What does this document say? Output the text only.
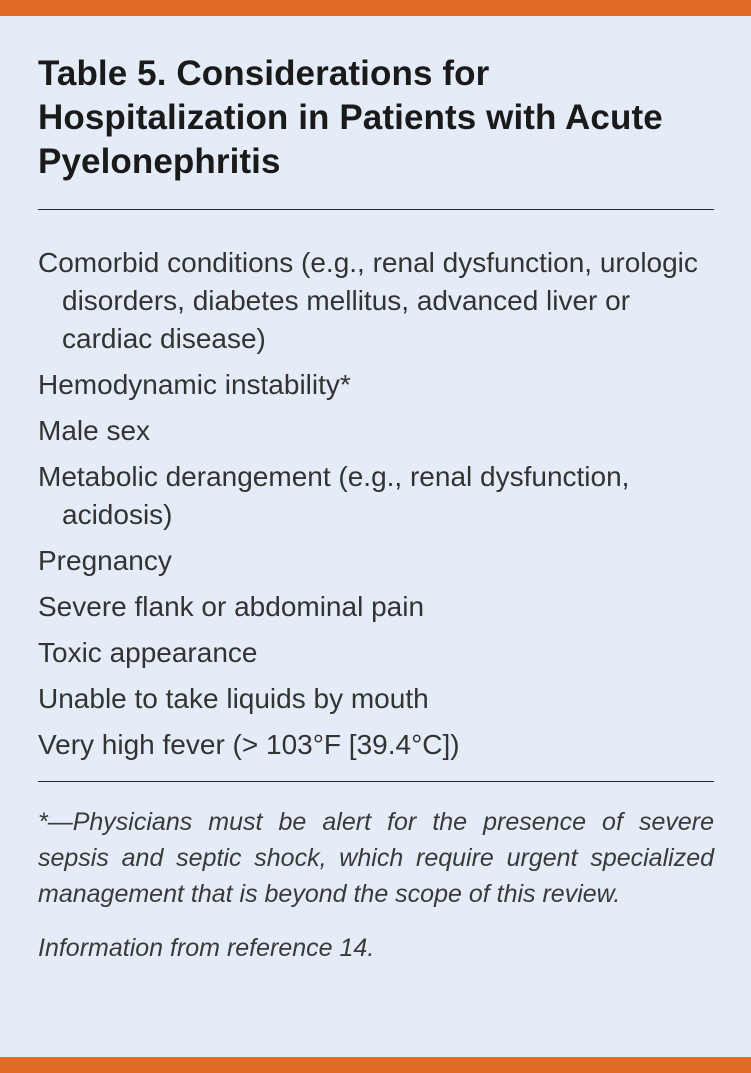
Table 5. Considerations for Hospitalization in Patients with Acute Pyelonephritis
Comorbid conditions (e.g., renal dysfunction, urologic disorders, diabetes mellitus, advanced liver or cardiac disease)
Hemodynamic instability*
Male sex
Metabolic derangement (e.g., renal dysfunction, acidosis)
Pregnancy
Severe flank or abdominal pain
Toxic appearance
Unable to take liquids by mouth
Very high fever (> 103°F [39.4°C])

*—Physicians must be alert for the presence of severe sepsis and septic shock, which require urgent specialized management that is beyond the scope of this review.

Information from reference 14.
